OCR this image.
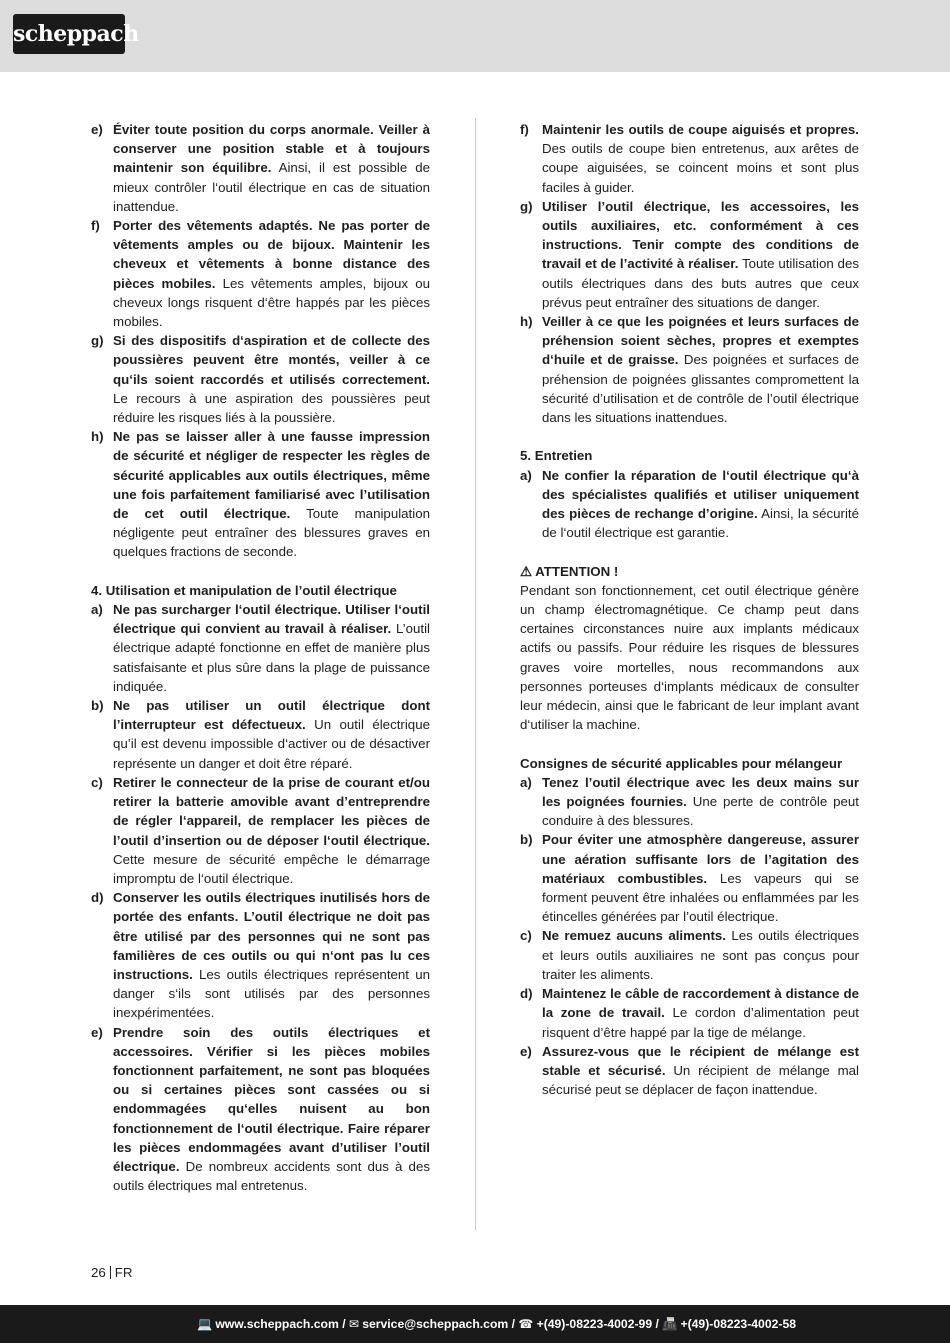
scheppach
e) Éviter toute position du corps anormale. Veiller à conserver une position stable et à toujours maintenir son équilibre. Ainsi, il est possible de mieux contrôler l‘outil électrique en cas de situation inattendue.
f) Porter des vêtements adaptés. Ne pas porter de vêtements amples ou de bijoux. Maintenir les cheveux et vêtements à bonne distance des pièces mobiles. Les vêtements amples, bijoux ou cheveux longs risquent d‘être happés par les pièces mobiles.
g) Si des dispositifs d‘aspiration et de collecte des poussières peuvent être montés, veiller à ce qu‘ils soient raccordés et utilisés correctement. Le recours à une aspiration des poussières peut réduire les risques liés à la poussière.
h) Ne pas se laisser aller à une fausse impression de sécurité et négliger de respecter les règles de sécurité applicables aux outils électriques, même une fois parfaitement familiarisé avec l’utilisation de cet outil électrique. Toute manipulation négligente peut entraîner des blessures graves en quelques fractions de seconde.
4. Utilisation et manipulation de l’outil électrique
a) Ne pas surcharger l‘outil électrique. Utiliser l‘outil électrique qui convient au travail à réaliser. L’outil électrique adapté fonctionne en effet de manière plus satisfaisante et plus sûre dans la plage de puissance indiquée.
b) Ne pas utiliser un outil électrique dont l’interrupteur est défectueux. Un outil électrique qu’il est devenu impossible d‘activer ou de désactiver représente un danger et doit être réparé.
c) Retirer le connecteur de la prise de courant et/ou retirer la batterie amovible avant d’entreprendre de régler l‘appareil, de remplacer les pièces de l’outil d’insertion ou de déposer l‘outil électrique. Cette mesure de sécurité empêche le démarrage impromptu de l‘outil électrique.
d) Conserver les outils électriques inutilisés hors de portée des enfants. L’outil électrique ne doit pas être utilisé par des personnes qui ne sont pas familières de ces outils ou qui n‘ont pas lu ces instructions. Les outils électriques représentent un danger s‘ils sont utilisés par des personnes inexpérimentées.
e) Prendre soin des outils électriques et accessoires. Vérifier si les pièces mobiles fonctionnent parfaitement, ne sont pas bloquées ou si certaines pièces sont cassées ou si endommagées qu‘elles nuisent au bon fonctionnement de l‘outil électrique. Faire réparer les pièces endommagées avant d’utiliser l’outil électrique. De nombreux accidents sont dus à des outils électriques mal entretenus.
f) Maintenir les outils de coupe aiguisés et propres. Des outils de coupe bien entretenus, aux arêtes de coupe aiguisées, se coincent moins et sont plus faciles à guider.
g) Utiliser l’outil électrique, les accessoires, les outils auxiliaires, etc. conformément à ces instructions. Tenir compte des conditions de travail et de l’activité à réaliser. Toute utilisation des outils électriques dans des buts autres que ceux prévus peut entraîner des situations de danger.
h) Veiller à ce que les poignées et leurs surfaces de préhension soient sèches, propres et exemptes d‘huile et de graisse. Des poignées et surfaces de préhension de poignées glissantes compromettent la sécurité d’utilisation et de contrôle de l’outil électrique dans les situations inattendues.
5. Entretien
a) Ne confier la réparation de l‘outil électrique qu‘à des spécialistes qualifiés et utiliser uniquement des pièces de rechange d’origine. Ainsi, la sécurité de l‘outil électrique est garantie.
⚠ ATTENTION !

Pendant son fonctionnement, cet outil électrique génère un champ électromagnétique. Ce champ peut dans certaines circonstances nuire aux implants médicaux actifs ou passifs. Pour réduire les risques de blessures graves voire mortelles, nous recommandons aux personnes porteuses d‘implants médicaux de consulter leur médecin, ainsi que le fabricant de leur implant avant d‘utiliser la machine.

Consignes de sécurité applicables pour mélangeur
a) Tenez l’outil électrique avec les deux mains sur les poignées fournies. Une perte de contrôle peut conduire à des blessures.
b) Pour éviter une atmosphère dangereuse, assurer une aération suffisante lors de l’agitation des matériaux combustibles. Les vapeurs qui se forment peuvent être inhalées ou enflammées par les étincelles générées par l’outil électrique.
c) Ne remuez aucuns aliments. Les outils électriques et leurs outils auxiliaires ne sont pas conçus pour traiter les aliments.
d) Maintenez le câble de raccordement à distance de la zone de travail. Le cordon d’alimentation peut risquent d’être happé par la tige de mélange.
e) Assurez-vous que le récipient de mélange est stable et sécurisé. Un récipient de mélange mal sécurisé peut se déplacer de façon inattendue.
26 FR
💻 www.scheppach.com / ✉ service@scheppach.com / ☎ +(49)-08223-4002-99 / 📠 +(49)-08223-4002-58
